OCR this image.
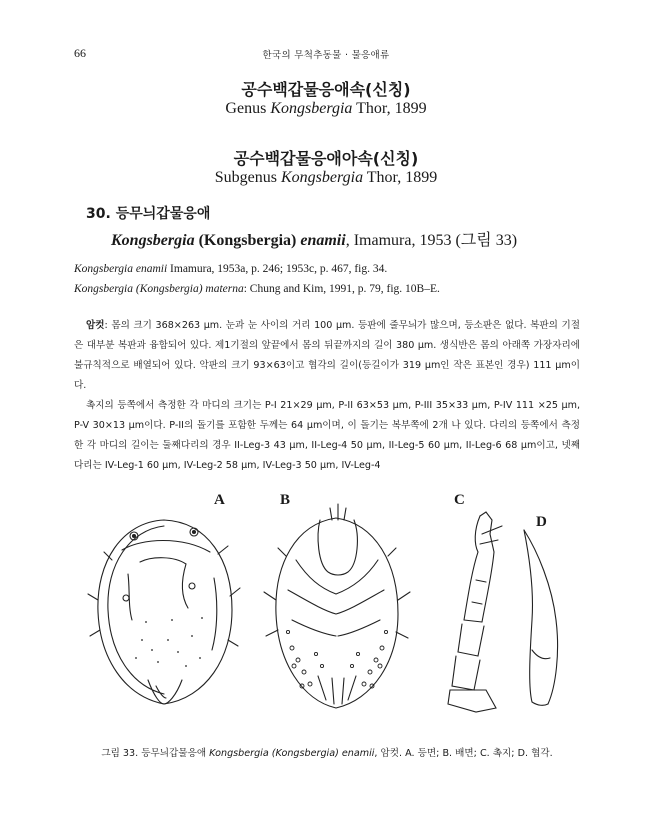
66	한국의 무척추동물 · 물응애류
공수백갑물응애속(신칭)
Genus Kongsbergia Thor, 1899
공수백갑물응애아속(신칭)
Subgenus Kongsbergia Thor, 1899
30. 등무늬갑물응애
Kongsbergia (Kongsbergia) enamii, Imamura, 1953 (그림 33)
Kongsbergia enamii Imamura, 1953a, p. 246; 1953c, p. 467, fig. 34.
Kongsbergia (Kongsbergia) materna: Chung and Kim, 1991, p. 79, fig. 10B–E.

암컷: 몸의 크기 368×263 μm. 눈과 눈 사이의 거리 100 μm. 등판에 줄무늬가 많으며, 등소판은 없다. 복판의 기절은 대부분 복판과 융합되어 있다. 제1기절의 앞끝에서 몸의 뒤끝까지의 길이 380 μm. 생식반은 몸의 아래쪽 가장자리에 불규칙적으로 배열되어 있다. 악판의 크기 93×63이고 협각의 길이(등길이가 319 μm인 작은 표본인 경우) 111 μm이다.

촉지의 등쪽에서 측정한 각 마디의 크기는 P-I 21×29 μm, P-II 63×53 μm, P-III 35×33 μm, P-IV 111 ×25 μm, P-V 30×13 μm이다. P-II의 돌기를 포함한 두께는 64 μm이며, 이 돌기는 복부쪽에 2개 나 있다. 다리의 등쪽에서 측정한 각 마디의 길이는 둘째다리의 경우 II-Leg-3 43 μm, II-Leg-4 50 μm, II-Leg-5 60 μm, II-Leg-6 68 μm이고, 넷째다리는 IV-Leg-1 60 μm, IV-Leg-2 58 μm, IV-Leg-3 50 μm, IV-Leg-4

A	B	C
D
그림 33. 등무늬갑물응애 Kongsbergia (Kongsbergia) enamii, 암컷. A. 등면; B. 배면; C. 촉지; D. 협각.
